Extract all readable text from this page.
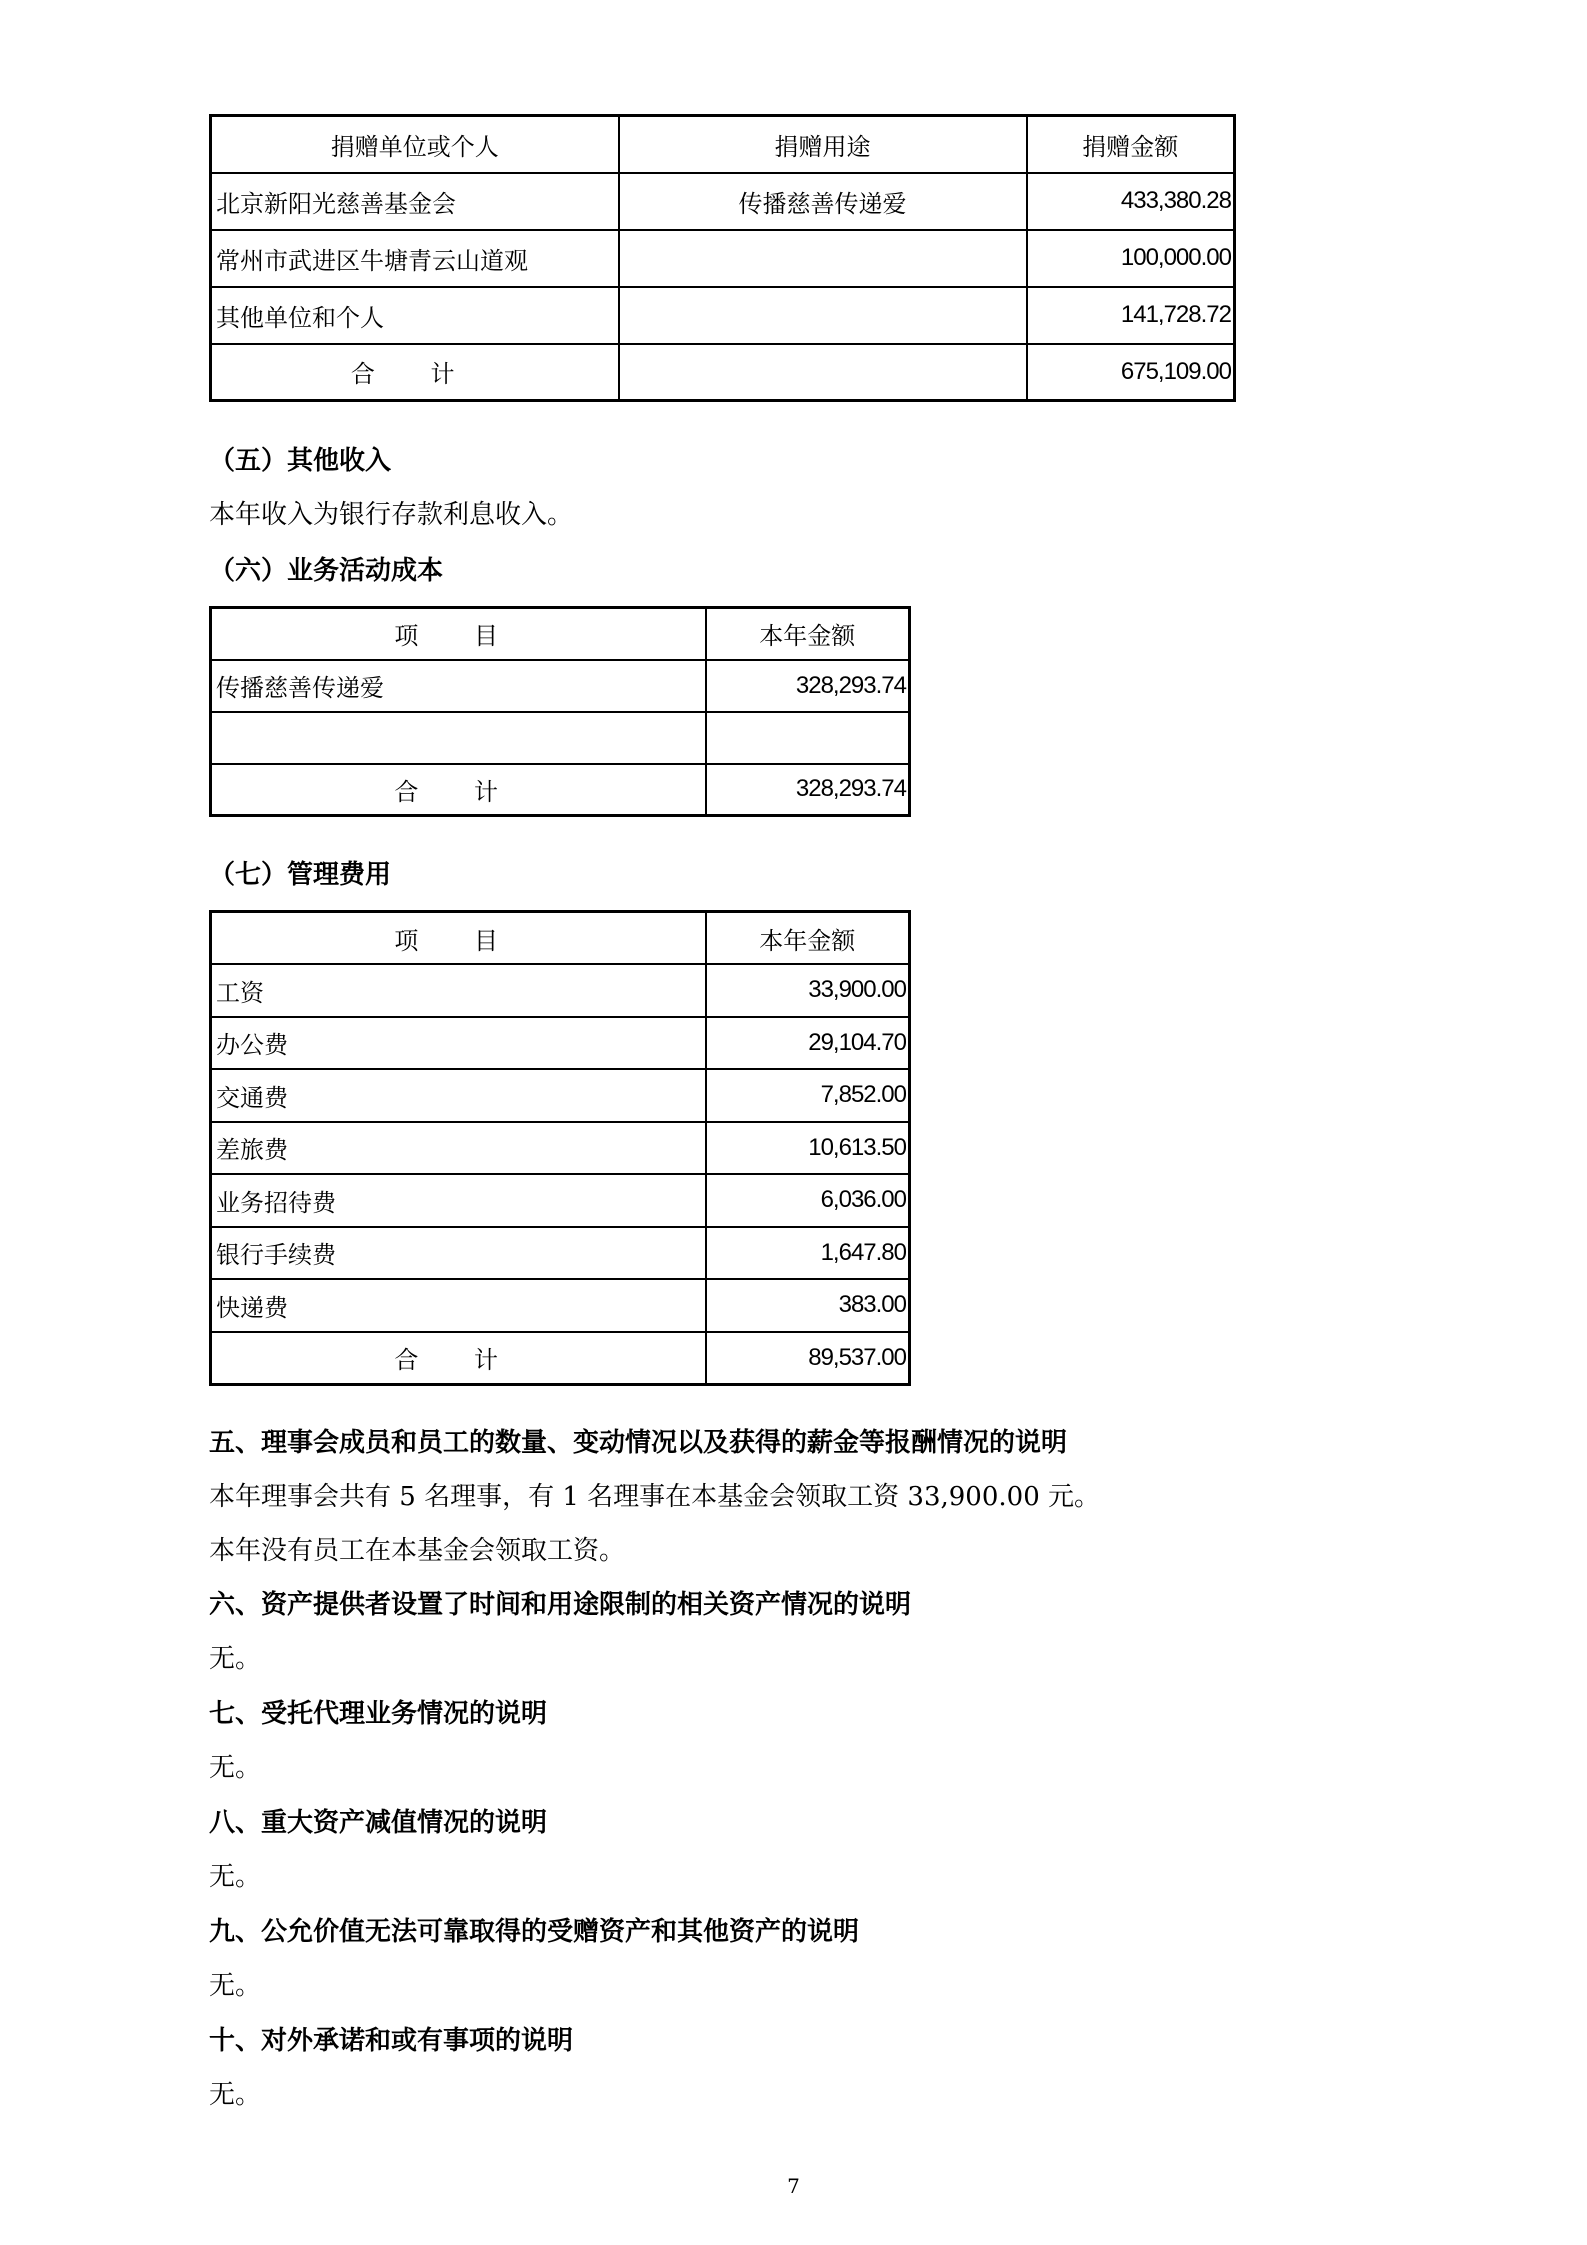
捐赠单位或个人	捐赠用途	捐赠金额
北京新阳光慈善基金会	传播慈善传递爱	433,380.28
常州市武进区牛塘青云山道观		100,000.00
其他单位和个人		141,728.72
合 计		675,109.00
（五）其他收入
本年收入为银行存款利息收入。
（六）业务活动成本
项 目	本年金额
传播慈善传递爱	328,293.74

合 计	328,293.74
（七）管理费用
项 目	本年金额
工资	33,900.00
办公费	29,104.70
交通费	7,852.00
差旅费	10,613.50
业务招待费	6,036.00
银行手续费	1,647.80
快递费	383.00
合 计	89,537.00
五、理事会成员和员工的数量、变动情况以及获得的薪金等报酬情况的说明
本年理事会共有 5 名理事，有 1 名理事在本基金会领取工资 33,900.00 元。
本年没有员工在本基金会领取工资。
六、资产提供者设置了时间和用途限制的相关资产情况的说明
无。
七、受托代理业务情况的说明
无。
八、重大资产减值情况的说明
无。
九、公允价值无法可靠取得的受赠资产和其他资产的说明
无。
十、对外承诺和或有事项的说明
无。
7
